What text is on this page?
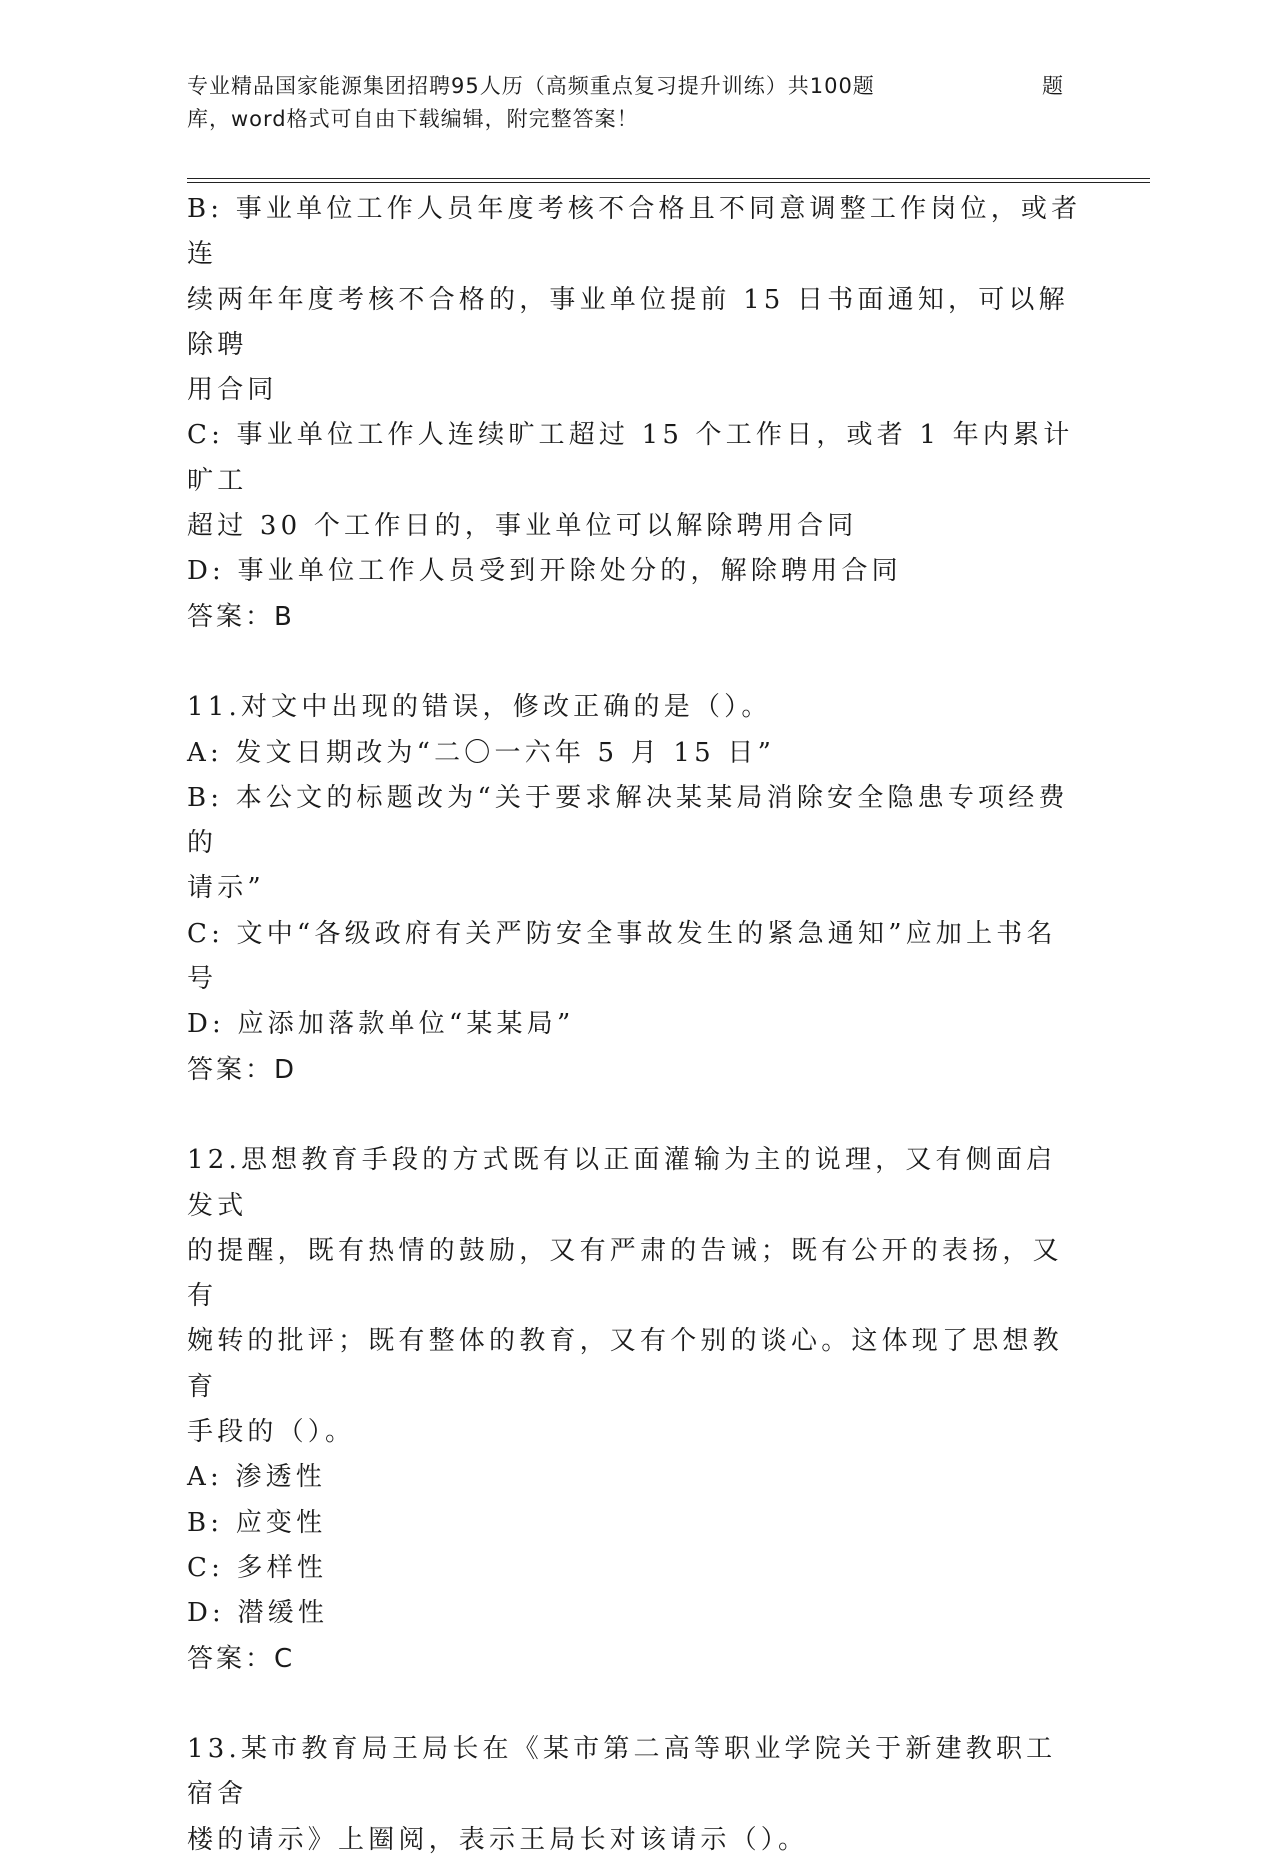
专业精品国家能源集团招聘95人历（高频重点复习提升训练）共100题	题
库，word格式可自由下载编辑，附完整答案！

B: 事业单位工作人员年度考核不合格且不同意调整工作岗位，或者连

续两年年度考核不合格的，事业单位提前 15 日书面通知，可以解除聘

用合同

C: 事业单位工作人连续旷工超过 15 个工作日，或者 1 年内累计旷工

超过 30 个工作日的，事业单位可以解除聘用合同

D: 事业单位工作人员受到开除处分的，解除聘用合同

答案：B

11.对文中出现的错误，修改正确的是（）。

A: 发文日期改为“二〇一六年 5 月 15 日”

B: 本公文的标题改为“关于要求解决某某局消除安全隐患专项经费的

请示”

C: 文中“各级政府有关严防安全事故发生的紧急通知”应加上书名号

D: 应添加落款单位“某某局”

答案：D

12.思想教育手段的方式既有以正面灌输为主的说理，又有侧面启发式

的提醒，既有热情的鼓励，又有严肃的告诫；既有公开的表扬，又有

婉转的批评；既有整体的教育，又有个别的谈心。这体现了思想教育

手段的（）。

A: 渗透性

B: 应变性

C: 多样性

D: 潜缓性

答案：C

13.某市教育局王局长在《某市第二高等职业学院关于新建教职工宿舍

楼的请示》上圈阅，表示王局长对该请示（）。
